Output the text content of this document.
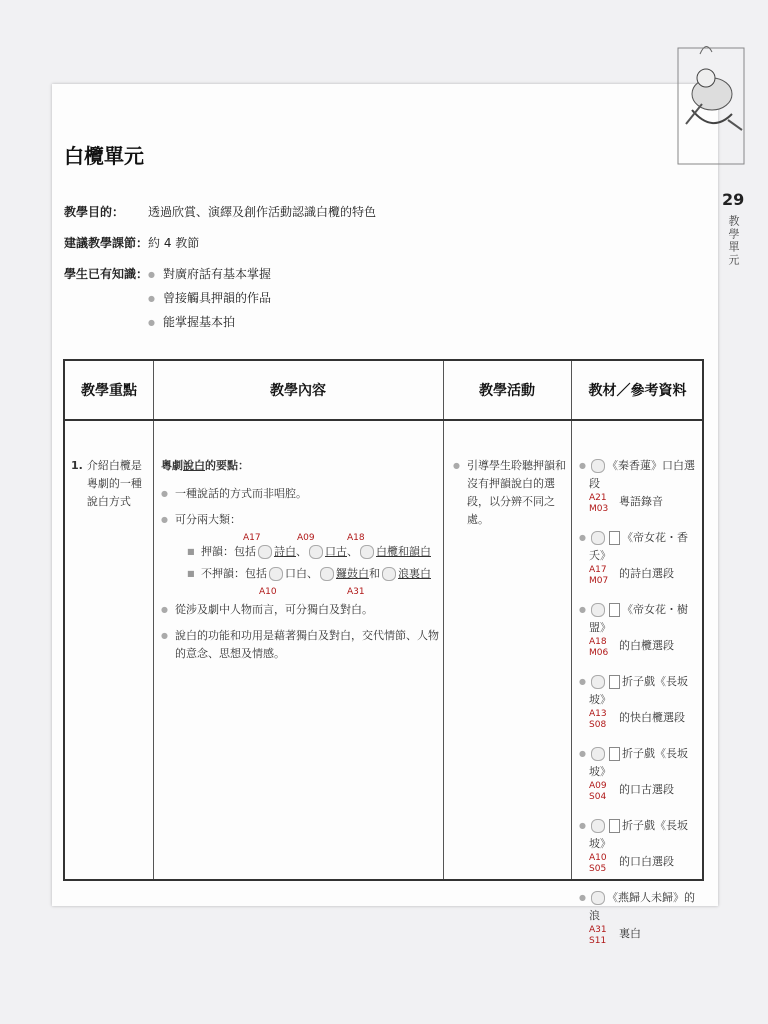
29
教學單元
白欖單元
教學目的：	透過欣賞、演繹及創作活動認識白欖的特色
建議教學課節： 約 4 教節
學生已有知識：
●	對廣府話有基本掌握
● 曾接觸具押韻的作品
● 能掌握基本拍
教學重點	教學內容	教學活動	教材／參考資料
1. 介紹白欖是粵劇的一種說白方式
粵劇說白的要點：
● 一種說話的方式而非唱腔。
● 可分兩大類：
A17	A09	A18
■ 押韻：包括 詩白、 口古、 白欖和韻白
■ 不押韻：包括 口白、 鑼鼓白和 浪裏白
A10	A31
● 從涉及劇中人物而言，可分獨白及對白。
● 說白的功能和功用是藉著獨白及對白，交代情節、人物的意念、思想及情感。
● 引導學生聆聽押韻和沒有押韻說白的選段，以分辨不同之處。
● 《秦香蓮》口白選段
A21
M03
粵語錄音
● 《帝女花・香夭》
A17 M07
的詩白選段
● 《帝女花・樹盟》
A18 M06
的白欖選段
● 折子戲《長坂坡》
A13 S08
的快白欖選段
● 折子戲《長坂坡》
A09 S04
的口古選段
● 折子戲《長坂坡》
A10 S05
的口白選段
● 《燕歸人未歸》的浪
A31
S11
裏白
